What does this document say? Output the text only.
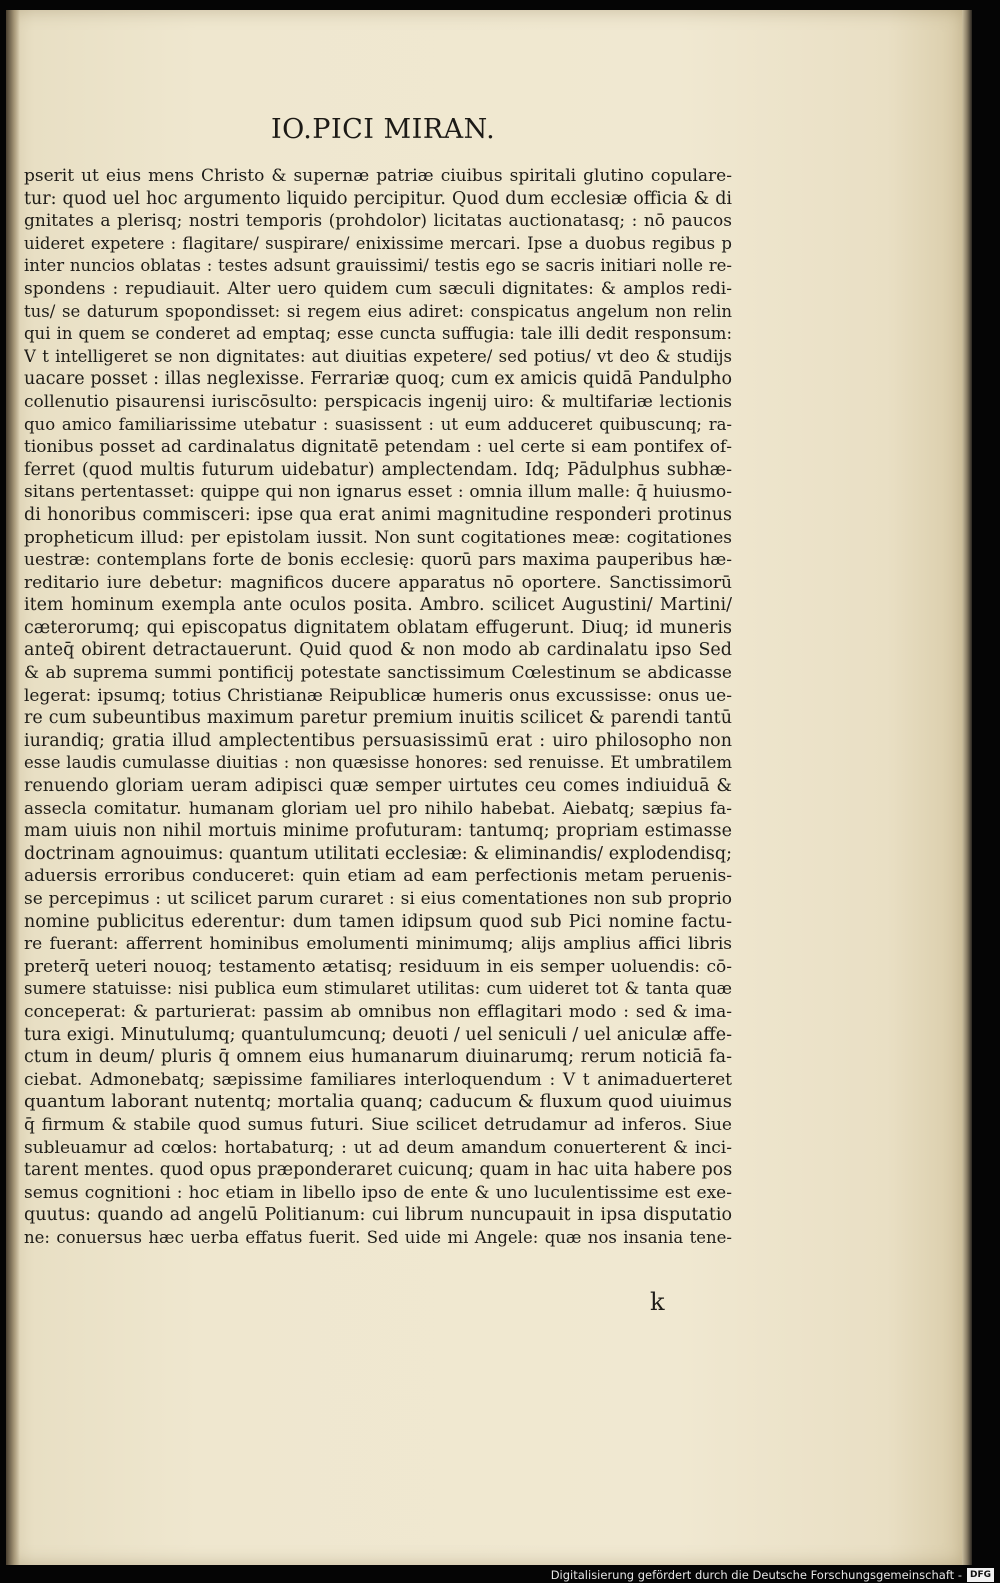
IO.PICI MIRAN.
pserit ut eius mens Christo & supernæ patriæ ciuibus spiritali glutino copulare‑
tur: quod uel hoc argumento liquido percipitur. Quod dum ecclesiæ officia & di
gnitates a plerisq; nostri temporis (prohdolor) licitatas auctionatasq; : nō paucos
uideret expetere : flagitare/ suspirare/ enixissime mercari. Ipse a duobus regibus p
inter nuncios oblatas : testes adsunt grauissimi/ testis ego se sacris initiari nolle re‑
spondens : repudiauit. Alter uero quidem cum sæculi dignitates: & amplos redi‑
tus/ se daturum spopondisset: si regem eius adiret: conspicatus angelum non relin
qui in quem se conderet ad emptaq; esse cuncta suffugia: tale illi dedit responsum:
V t intelligeret se non dignitates: aut diuitias expetere/ sed potius/ vt deo & studijs
uacare posset : illas neglexisse. Ferrariæ quoq; cum ex amicis quidā Pandulpho
collenutio pisaurensi iuriscōsulto: perspicacis ingenij uiro: & multifariæ lectionis
quo amico familiarissime utebatur : suasissent : ut eum adduceret quibuscunq; ra‑
tionibus posset ad cardinalatus dignitatē petendam : uel certe si eam pontifex of‑
ferret (quod multis futurum uidebatur) amplectendam. Idq; Pādulphus subhæ‑
sitans pertentasset: quippe qui non ignarus esset : omnia illum malle: q̄ huiusmo‑
di honoribus commisceri: ipse qua erat animi magnitudine responderi protinus
propheticum illud: per epistolam iussit. Non sunt cogitationes meæ: cogitationes
uestræ: contemplans forte de bonis ecclesię: quorū pars maxima pauperibus hæ‑
reditario iure debetur: magnificos ducere apparatus nō oportere. Sanctissimorū
item hominum exempla ante oculos posita. Ambro. scilicet Augustini/ Martini/
cæterorumq; qui episcopatus dignitatem oblatam effugerunt. Diuq; id muneris
anteq̄ obirent detractauerunt. Quid quod & non modo ab cardinalatu ipso Sed
& ab suprema summi pontificij potestate sanctissimum Cœlestinum se abdicasse
legerat: ipsumq; totius Christianæ Reipublicæ humeris onus excussisse: onus ue‑
re cum subeuntibus maximum paretur premium inuitis scilicet & parendi tantū
iurandiq; gratia illud amplectentibus persuasissimū erat : uiro philosopho non
esse laudis cumulasse diuitias : non quæsisse honores: sed renuisse. Et umbratilem
renuendo gloriam ueram adipisci quæ semper uirtutes ceu comes indiuiduā &
assecla comitatur. humanam gloriam uel pro nihilo habebat. Aiebatq; sæpius fa‑
mam uiuis non nihil mortuis minime profuturam: tantumq; propriam estimasse
doctrinam agnouimus: quantum utilitati ecclesiæ: & eliminandis/ explodendisq;
aduersis erroribus conduceret: quin etiam ad eam perfectionis metam peruenis‑
se percepimus : ut scilicet parum curaret : si eius comentationes non sub proprio
nomine publicitus ederentur: dum tamen idipsum quod sub Pici nomine factu‑
re fuerant: afferrent hominibus emolumenti minimumq; alijs amplius affici libris
preterq̄ ueteri nouoq; testamento ætatisq; residuum in eis semper uoluendis: cō‑
sumere statuisse: nisi publica eum stimularet utilitas: cum uideret tot & tanta quæ
conceperat: & parturierat: passim ab omnibus non efflagitari modo : sed & ima‑
tura exigi. Minutulumq; quantulumcunq; deuoti / uel seniculi / uel aniculæ affe‑
ctum in deum/ pluris q̄ omnem eius humanarum diuinarumq; rerum noticiā fa‑
ciebat. Admonebatq; sæpissime familiares interloquendum : V t animaduerteret
quantum laborant nutentq; mortalia quanq; caducum & fluxum quod uiuimus
q̄ firmum & stabile quod sumus futuri. Siue scilicet detrudamur ad inferos. Siue
subleuamur ad cœlos: hortabaturq; : ut ad deum amandum conuerterent & inci‑
tarent mentes. quod opus præponderaret cuicunq; quam in hac uita habere pos
semus cognitioni : hoc etiam in libello ipso de ente & uno luculentissime est exe‑
quutus: quando ad angelū Politianum: cui librum nuncupauit in ipsa disputatio
ne: conuersus hæc uerba effatus fuerit. Sed uide mi Angele: quæ nos insania tene‑
k
Digitalisierung gefördert durch die Deutsche Forschungsgemeinschaft - DFG
